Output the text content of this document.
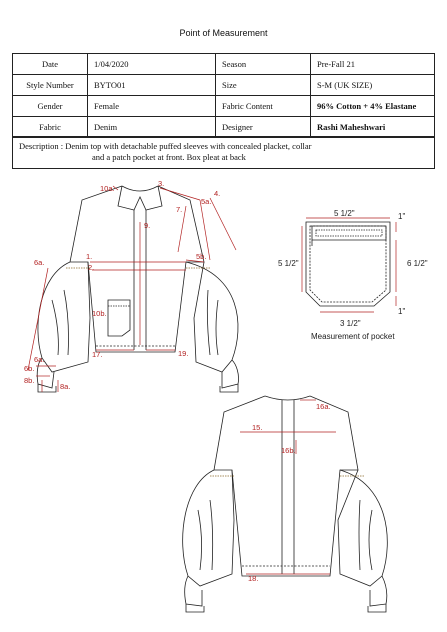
Point of Measurement
Date	1/04/2020	Season	Pre-Fall 21
Style Number	BYTO01	Size	S-M (UK SIZE)
Gender	Female	Fabric Content	96% Cotton + 4% Elastane
Fabric	Denim	Designer	Rashi Maheshwari
Description : Denim top with detachable puffed sleeves with concealed placket, collar
and a patch pocket at front. Box pleat at back
10a.
3.
4.
5a.
7.
9.
1.
2.
5b.
6a.
10b.
17.	19.
6a.
6b.
8b.
8a.
16a.
15.
16b.
18.
5 1/2"	1"
5 1/2"	6 1/2"
1"
3 1/2"
Measurement of pocket
